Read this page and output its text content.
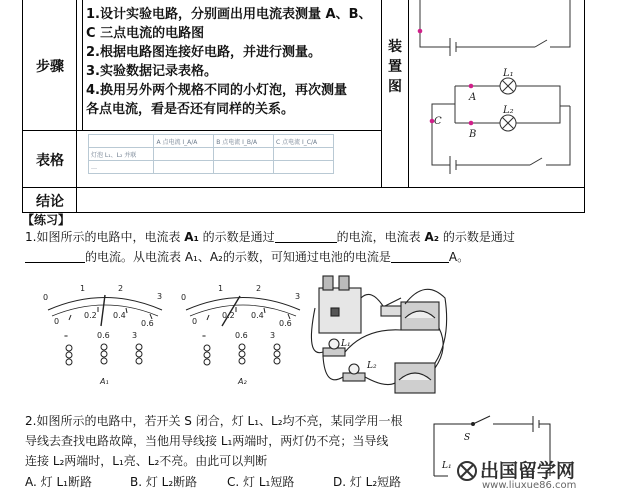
步骤
1.设计实验电路，分别画出用电流表测量 A、B、
C 三点电流的电路图
2.根据电路图连接好电路，并进行测量。
3.实验数据记录表格。
4.换用另外两个规格不同的小灯泡，再次测量
各点电流，看是否还有同样的关系。
装
置
图
表格
	A 点电流 I_A/A	B 点电流 I_B/A	C 点电流 I_C/A
灯泡 L₁、L₂ 并联			
…			
结论
L₁
L₂
A
B
C
【练习】
1.如图所示的电路中，电流表 A₁ 的示数是通过	的电流，电流表 A₂ 的示数是通过
的电流。从电流表 A₁、A₂的示数，可知通过电池的电流是	A。
0
1	2
3
0
0.2 0.4
0.6
–	0.6	3
A₁
0
1	2
3
0
0.2 0.4
0.6
–	0.6	3
A₂
L₁
L₂
2.如图所示的电路中，若开关 S 闭合，灯 L₁、L₂均不亮，某同学用一根
导线去查找电路故障，当他用导线接 L₁两端时，两灯仍不亮；当导线
连接 L₂两端时，L₁亮、L₂不亮。由此可以判断
A. 灯 L₁断路	B. 灯 L₂断路 C. 灯 L₁短路	D. 灯 L₂短路
S
L₁ 出国留学网
www.liuxue86.com
